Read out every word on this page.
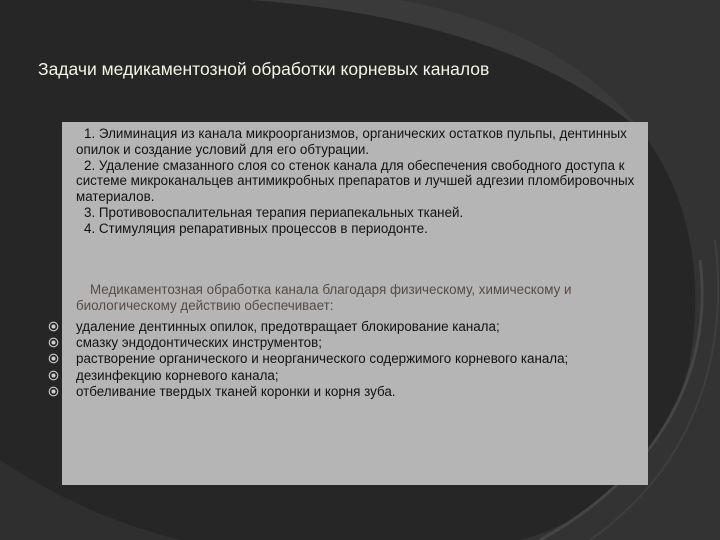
Задачи медикаментозной обработки корневых каналов
1. Элиминация из канала микроорганизмов, органических остатков пульпы, дентинных опилок и создание условий для его обтурации.
2. Удаление смазанного слоя со стенок канала для обеспечения свободного доступа к системе микроканальцев антимикробных препаратов и лучшей адгезии пломбировочных материалов.
3. Противовоспалительная терапия периапекальных тканей.
4. Стимуляция репаративных процессов в периодонте.
Медикаментозная обработка канала благодаря физическому, химическому и биологическому действию обеспечивает:
удаление дентинных опилок, предотвращает блокирование канала;
смазку эндодонтических инструментов;
растворение органического и неорганического содержимого корневого канала;
дезинфекцию корневого канала;
отбеливание твердых тканей коронки и корня зуба.
